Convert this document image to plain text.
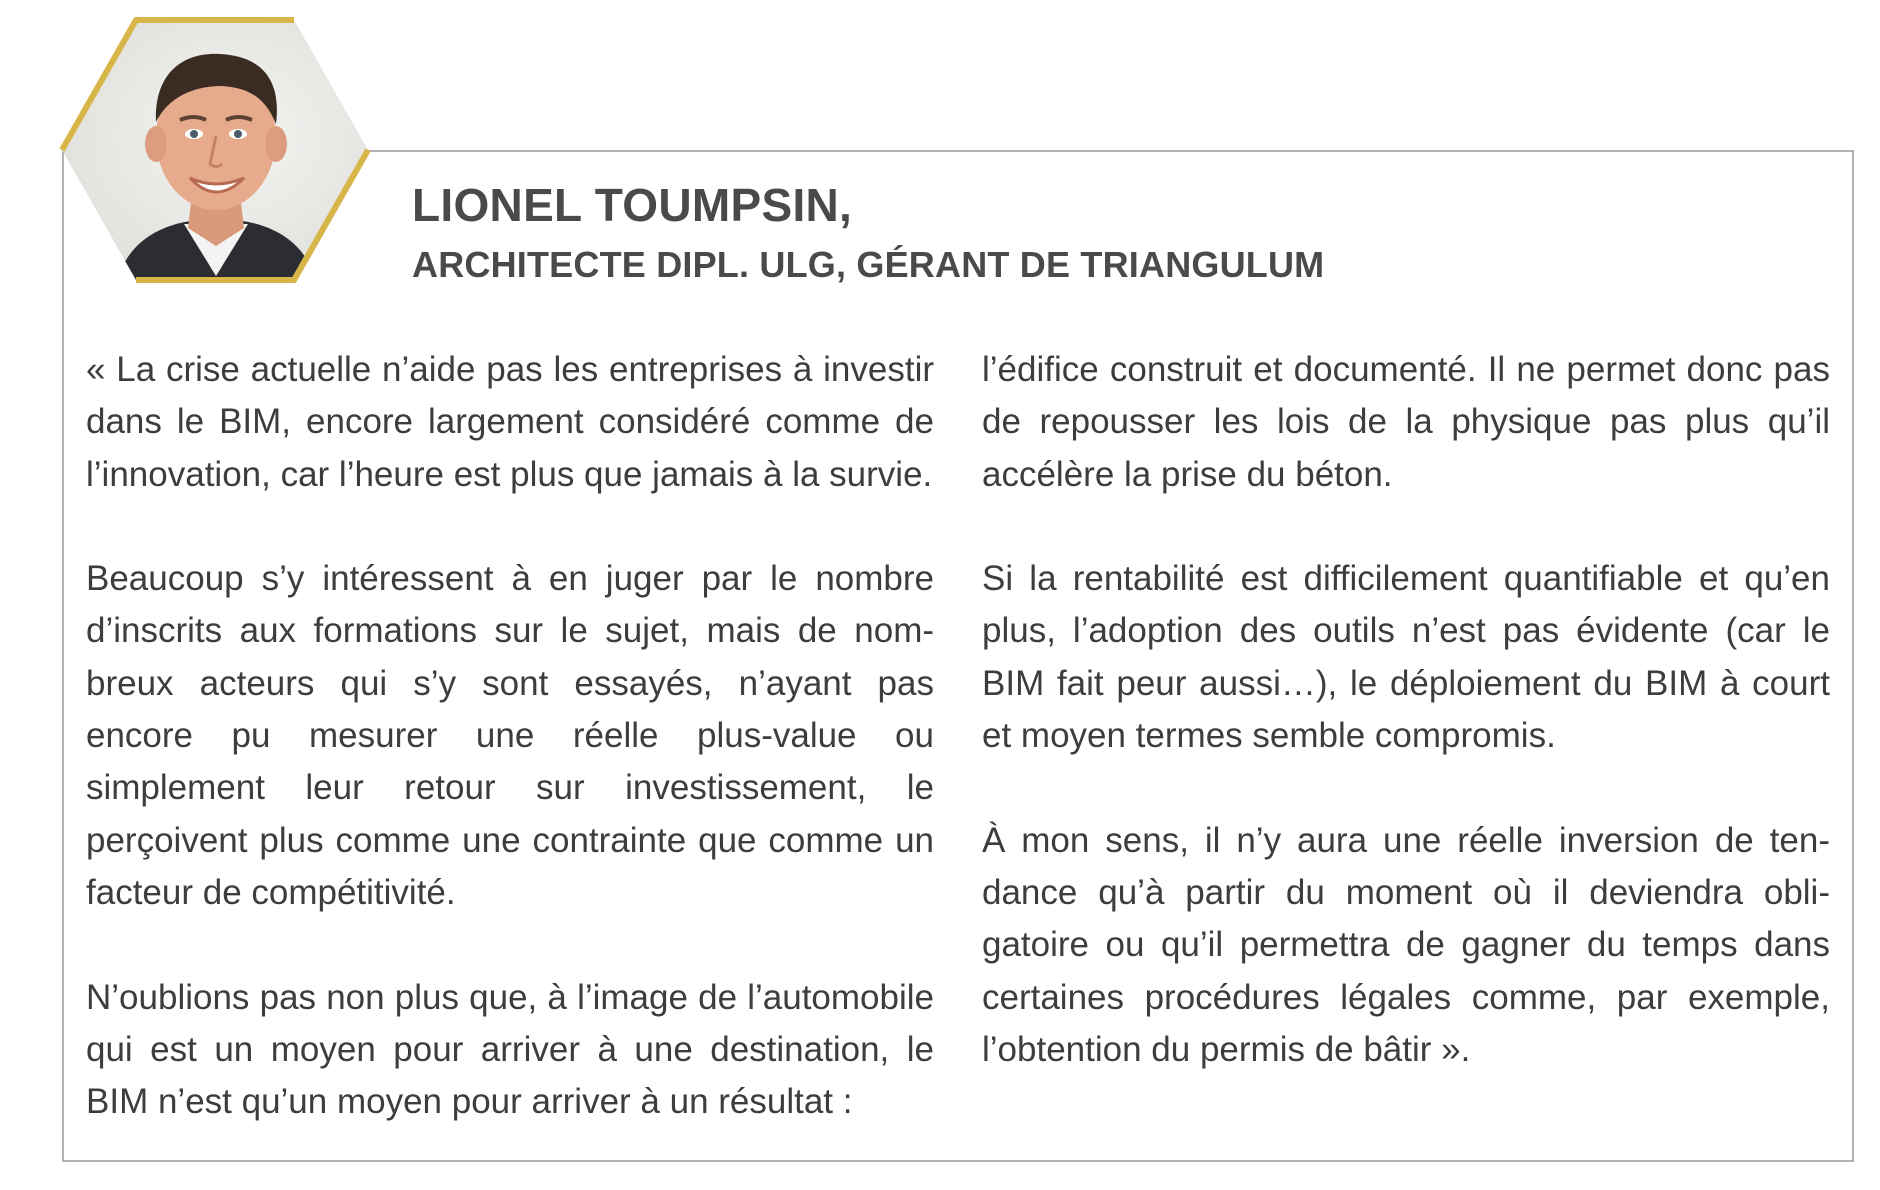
LIONEL TOUMPSIN,
ARCHITECTE DIPL. ULG, GÉRANT DE TRIANGULUM

« La crise actuelle n’aide pas les entreprises à investir dans le BIM, encore largement considéré comme de l’innovation, car l’heure est plus que jamais à la survie.

Beaucoup s’y intéressent à en juger par le nombre d’inscrits aux formations sur le sujet, mais de nombreux acteurs qui s’y sont essayés, n’ayant pas encore pu mesurer une réelle plus-value ou simplement leur retour sur investissement, le perçoivent plus comme une contrainte que comme un facteur de compétitivité.

N’oublions pas non plus que, à l’image de l’automobile qui est un moyen pour arriver à une destination, le BIM n’est qu’un moyen pour arriver à un résultat :

l’édifice construit et documenté. Il ne permet donc pas de repousser les lois de la physique pas plus qu’il accélère la prise du béton.

Si la rentabilité est difficilement quantifiable et qu’en plus, l’adoption des outils n’est pas évidente (car le BIM fait peur aussi…), le déploiement du BIM à court et moyen termes semble compromis.

À mon sens, il n’y aura une réelle inversion de tendance qu’à partir du moment où il deviendra obligatoire ou qu’il permettra de gagner du temps dans certaines procédures légales comme, par exemple, l’obtention du permis de bâtir ».
